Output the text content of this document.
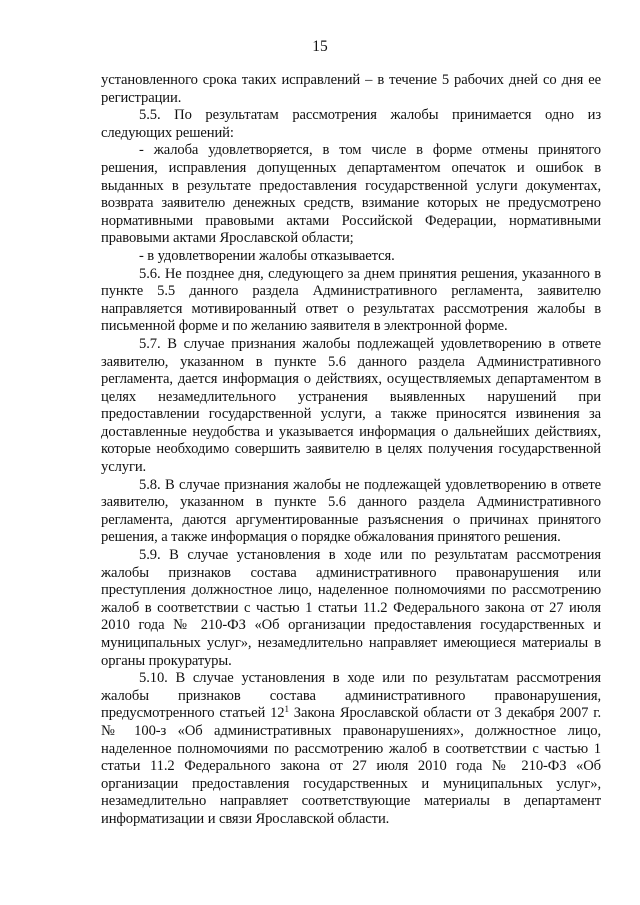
15

установленного срока таких исправлений – в течение 5 рабочих дней со дня ее регистрации.

5.5. По результатам рассмотрения жалобы принимается одно из следующих решений:

- жалоба удовлетворяется, в том числе в форме отмены принятого решения, исправления допущенных департаментом опечаток и ошибок в выданных в результате предоставления государственной услуги документах, возврата заявителю денежных средств, взимание которых не предусмотрено нормативными правовыми актами Российской Федерации, нормативными правовыми актами Ярославской области;

- в удовлетворении жалобы отказывается.

5.6. Не позднее дня, следующего за днем принятия решения, указанного в пункте 5.5 данного раздела Административного регламента, заявителю направляется мотивированный ответ о результатах рассмотрения жалобы в письменной форме и по желанию заявителя в электронной форме.

5.7. В случае признания жалобы подлежащей удовлетворению в ответе заявителю, указанном в пункте 5.6 данного раздела Административного регламента, дается информация о действиях, осуществляемых департаментом в целях незамедлительного устранения выявленных нарушений при предоставлении государственной услуги, а также приносятся извинения за доставленные неудобства и указывается информация о дальнейших действиях, которые необходимо совершить заявителю в целях получения государственной услуги.

5.8. В случае признания жалобы не подлежащей удовлетворению в ответе заявителю, указанном в пункте 5.6 данного раздела Административного регламента, даются аргументированные разъяснения о причинах принятого решения, а также информация о порядке обжалования принятого решения.

5.9. В случае установления в ходе или по результатам рассмотрения жалобы признаков состава административного правонарушения или преступления должностное лицо, наделенное полномочиями по рассмотрению жалоб в соответствии с частью 1 статьи 11.2 Федерального закона от 27 июля 2010 года № 210-ФЗ «Об организации предоставления государственных и муниципальных услуг», незамедлительно направляет имеющиеся материалы в органы прокуратуры.

5.10. В случае установления в ходе или по результатам рассмотрения жалобы признаков состава административного правонарушения, предусмотренного статьей $12^1$ Закона Ярославской области от 3 декабря 2007 г. № 100-з «Об административных правонарушениях», должностное лицо, наделенное полномочиями по рассмотрению жалоб в соответствии с частью 1 статьи 11.2 Федерального закона от 27 июля 2010 года № 210-ФЗ «Об организации предоставления государственных и муниципальных услуг», незамедлительно направляет соответствующие материалы в департамент информатизации и связи Ярославской области.
